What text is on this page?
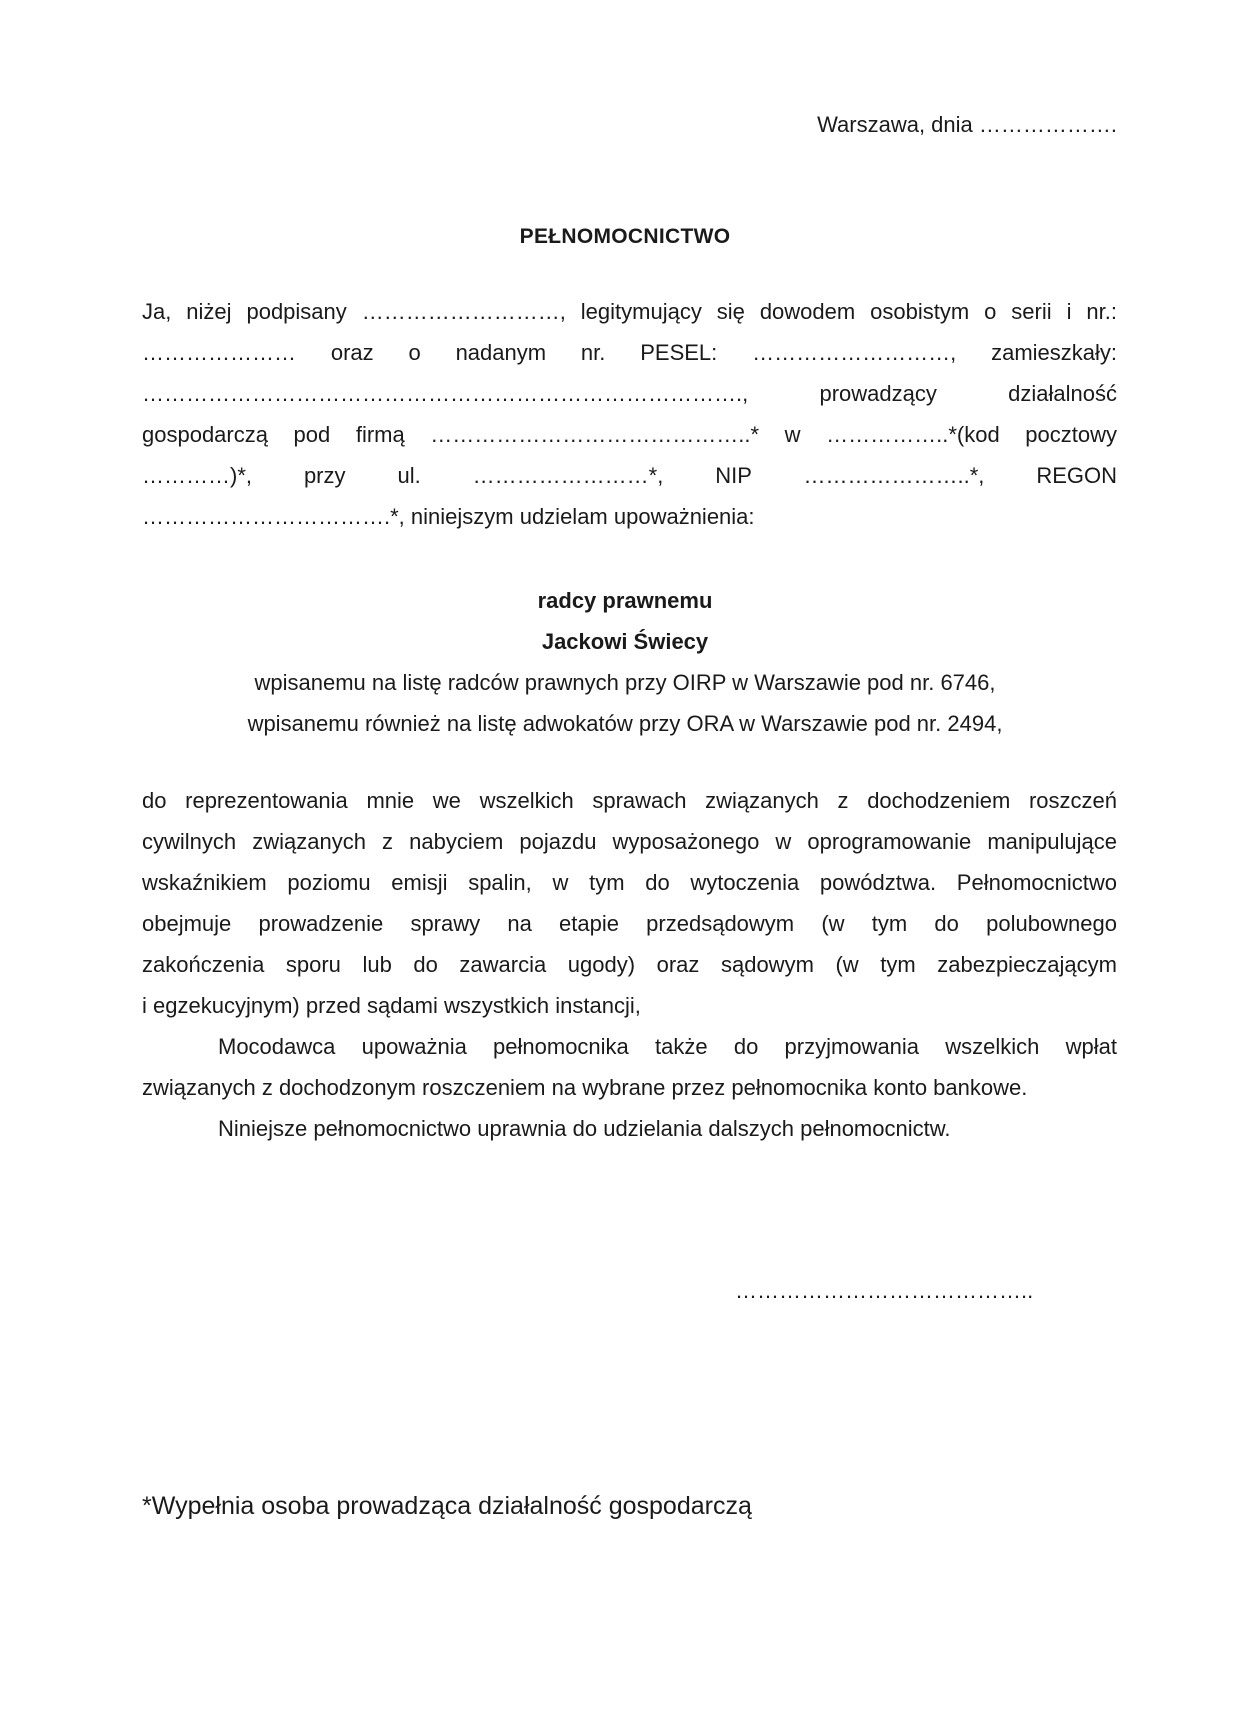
Warszawa, dnia ……………….
PEŁNOMOCNICTWO
Ja, niżej podpisany ………………………, legitymujący się dowodem osobistym o serii i nr.:
………………… oraz o nadanym nr. PESEL: ………………………, zamieszkały:
………………………………………………………………………., prowadzący działalność
gospodarczą pod firmą ……………………………………..* w ……………..*(kod pocztowy
…………)*, przy ul. ……………………*, NIP …………………..*, REGON
…………………………….*, niniejszym udzielam upoważnienia:
radcy prawnemu
Jackowi Świecy
wpisanemu na listę radców prawnych przy OIRP w Warszawie pod nr. 6746,
wpisanemu również na listę adwokatów przy ORA w Warszawie pod nr. 2494,
do reprezentowania mnie we wszelkich sprawach związanych z dochodzeniem roszczeń
cywilnych związanych z nabyciem pojazdu wyposażonego w oprogramowanie manipulujące
wskaźnikiem poziomu emisji spalin, w tym do wytoczenia powództwa. Pełnomocnictwo
obejmuje prowadzenie sprawy na etapie przedsądowym (w tym do polubownego
zakończenia sporu lub do zawarcia ugody) oraz sądowym (w tym zabezpieczającym
i egzekucyjnym) przed sądami wszystkich instancji,
Mocodawca upoważnia pełnomocnika także do przyjmowania wszelkich wpłat
związanych z dochodzonym roszczeniem na wybrane przez pełnomocnika konto bankowe.
Niniejsze pełnomocnictwo uprawnia do udzielania dalszych pełnomocnictw.
…………………………………..
*Wypełnia osoba prowadząca działalność gospodarczą
